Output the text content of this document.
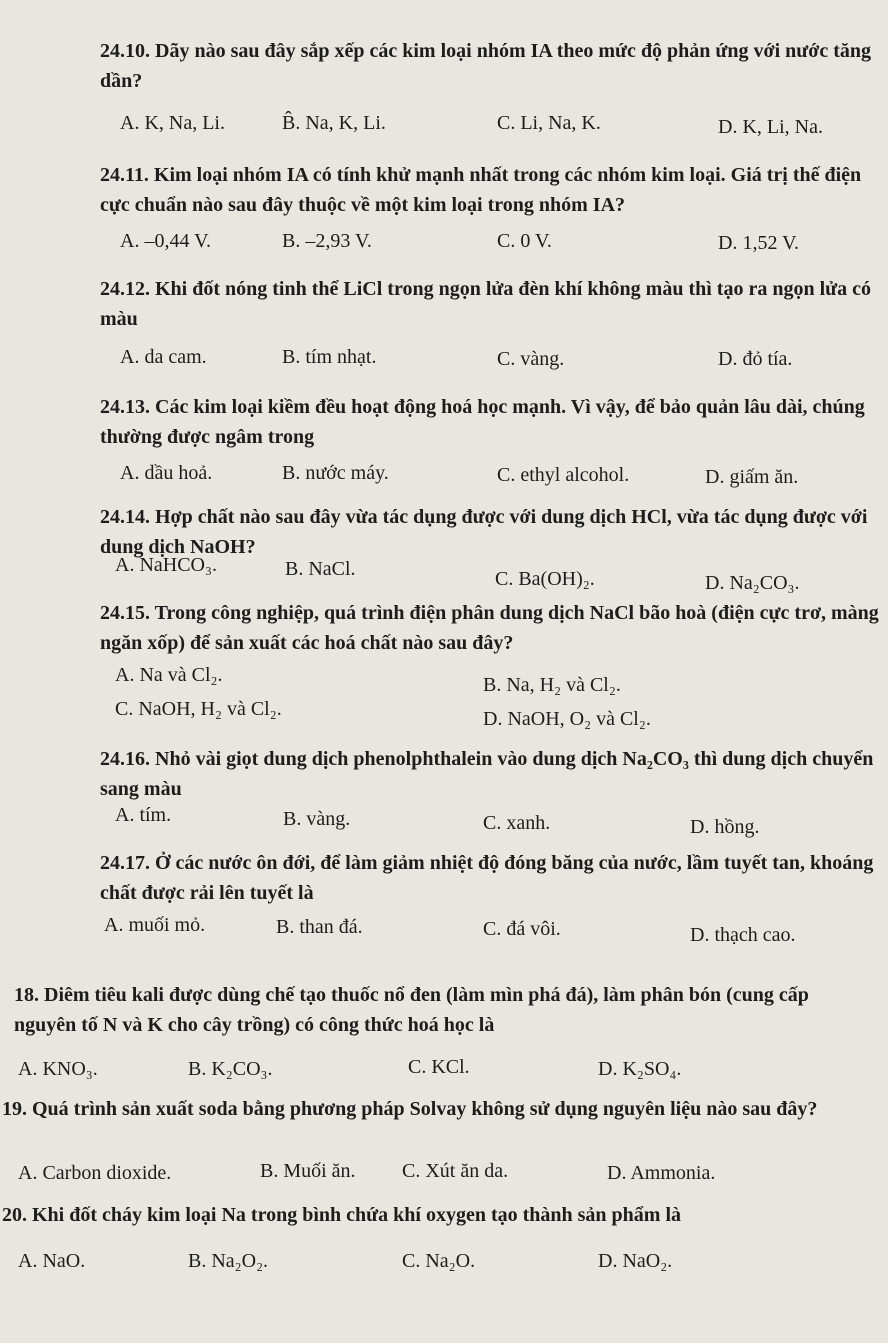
24.10. Dãy nào sau đây sắp xếp các kim loại nhóm IA theo mức độ phản ứng với nước tăng dần?
A. K, Na, Li.	B̂. Na, K, Li.	C. Li, Na, K.	D. K, Li, Na.
24.11. Kim loại nhóm IA có tính khử mạnh nhất trong các nhóm kim loại. Giá trị thế điện cực chuẩn nào sau đây thuộc về một kim loại trong nhóm IA?
A. –0,44 V.	B. –2,93 V.	C. 0 V.	D. 1,52 V.
24.12. Khi đốt nóng tinh thể LiCl trong ngọn lửa đèn khí không màu thì tạo ra ngọn lửa có màu
A. da cam.	B. tím nhạt.	C. vàng.	D. đỏ tía.
24.13. Các kim loại kiềm đều hoạt động hoá học mạnh. Vì vậy, để bảo quản lâu dài, chúng thường được ngâm trong
A. dầu hoả.	B. nước máy.	C. ethyl alcohol.	D. giấm ăn.
24.14. Hợp chất nào sau đây vừa tác dụng được với dung dịch HCl, vừa tác dụng được với dung dịch NaOH?
A. NaHCO₃.	B. NaCl.	C. Ba(OH)₂.	D. Na₂CO₃.
24.15. Trong công nghiệp, quá trình điện phân dung dịch NaCl bão hoà (điện cực trơ, màng ngăn xốp) để sản xuất các hoá chất nào sau đây?
A. Na và Cl₂.	B. Na, H₂ và Cl₂.
C. NaOH, H₂ và Cl₂.	D. NaOH, O₂ và Cl₂.
24.16. Nhỏ vài giọt dung dịch phenolphthalein vào dung dịch Na₂CO₃ thì dung dịch chuyển sang màu
A. tím.	B. vàng.	C. xanh.	D. hồng.
24.17. Ở các nước ôn đới, để làm giảm nhiệt độ đóng băng của nước, lầm tuyết tan, khoáng chất được rải lên tuyết là
A. muối mỏ.	B. than đá.	C. đá vôi.	D. thạch cao.
18. Diêm tiêu kali được dùng chế tạo thuốc nổ đen (làm mìn phá đá), làm phân bón (cung cấp nguyên tố N và K cho cây trồng) có công thức hoá học là
A. KNO₃.	B. K₂CO₃.	C. KCl.	D. K₂SO₄.
19. Quá trình sản xuất soda bằng phương pháp Solvay không sử dụng nguyên liệu nào sau đây?
A. Carbon dioxide.	B. Muối ăn. C. Xút ăn da.	D. Ammonia.
20. Khi đốt cháy kim loại Na trong bình chứa khí oxygen tạo thành sản phẩm là
A. NaO.	B. Na₂O₂.	C. Na₂O.	D. NaO₂.
